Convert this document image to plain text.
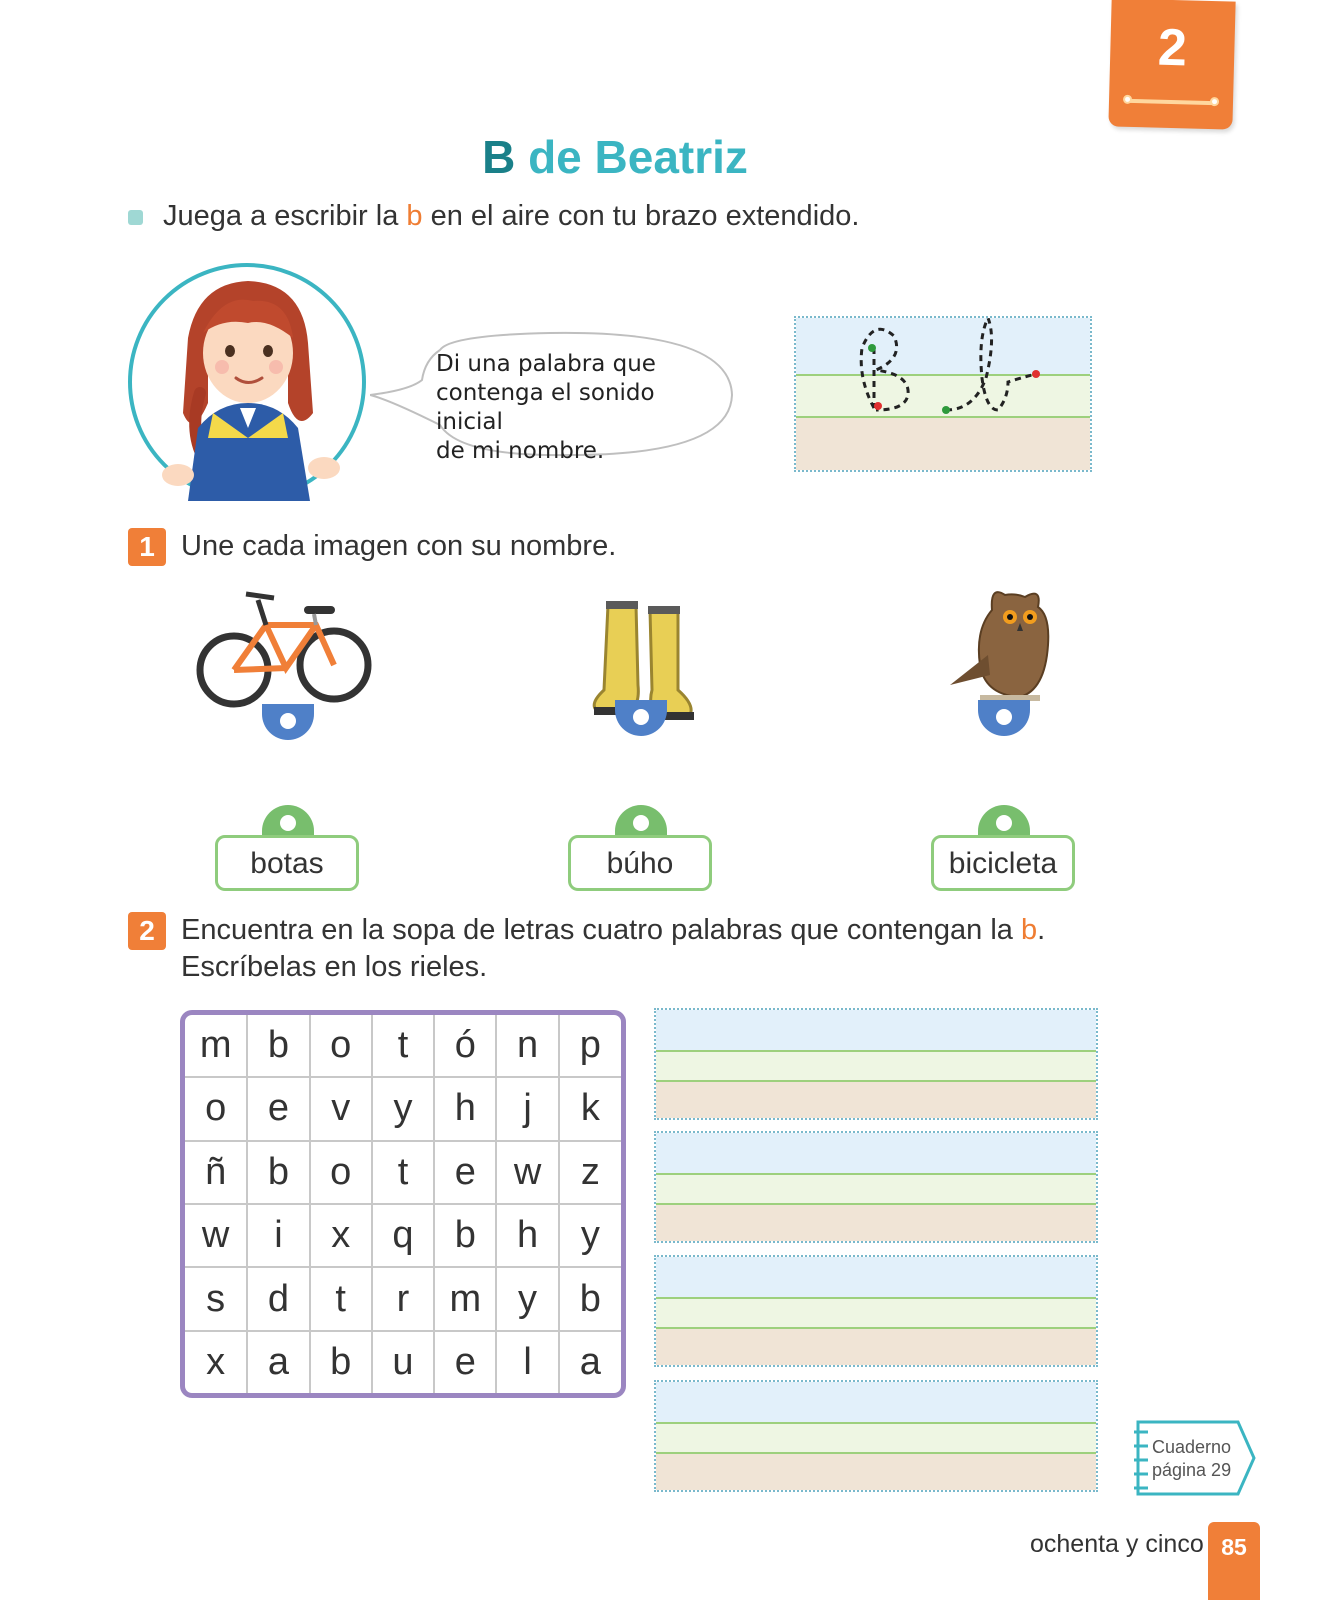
2
B de Beatriz
Juega a escribir la b en el aire con tu brazo extendido.
Di una palabra que
contenga el sonido inicial
de mi nombre.
1 Une cada imagen con su nombre.
botas	búho	bicicleta
2 Encuentra en la sopa de letras cuatro palabras que contengan la b.
Escríbelas en los rieles.
m	b	o	t	ó	n	p
o	e	v	y	h	j	k
ñ	b	o	t	e	w	z
w	i	x	q	b	h	y
s	d	t	r	m	y	b
x	a	b	u	e	l	a
Cuaderno
página 29
ochenta y cinco 85
